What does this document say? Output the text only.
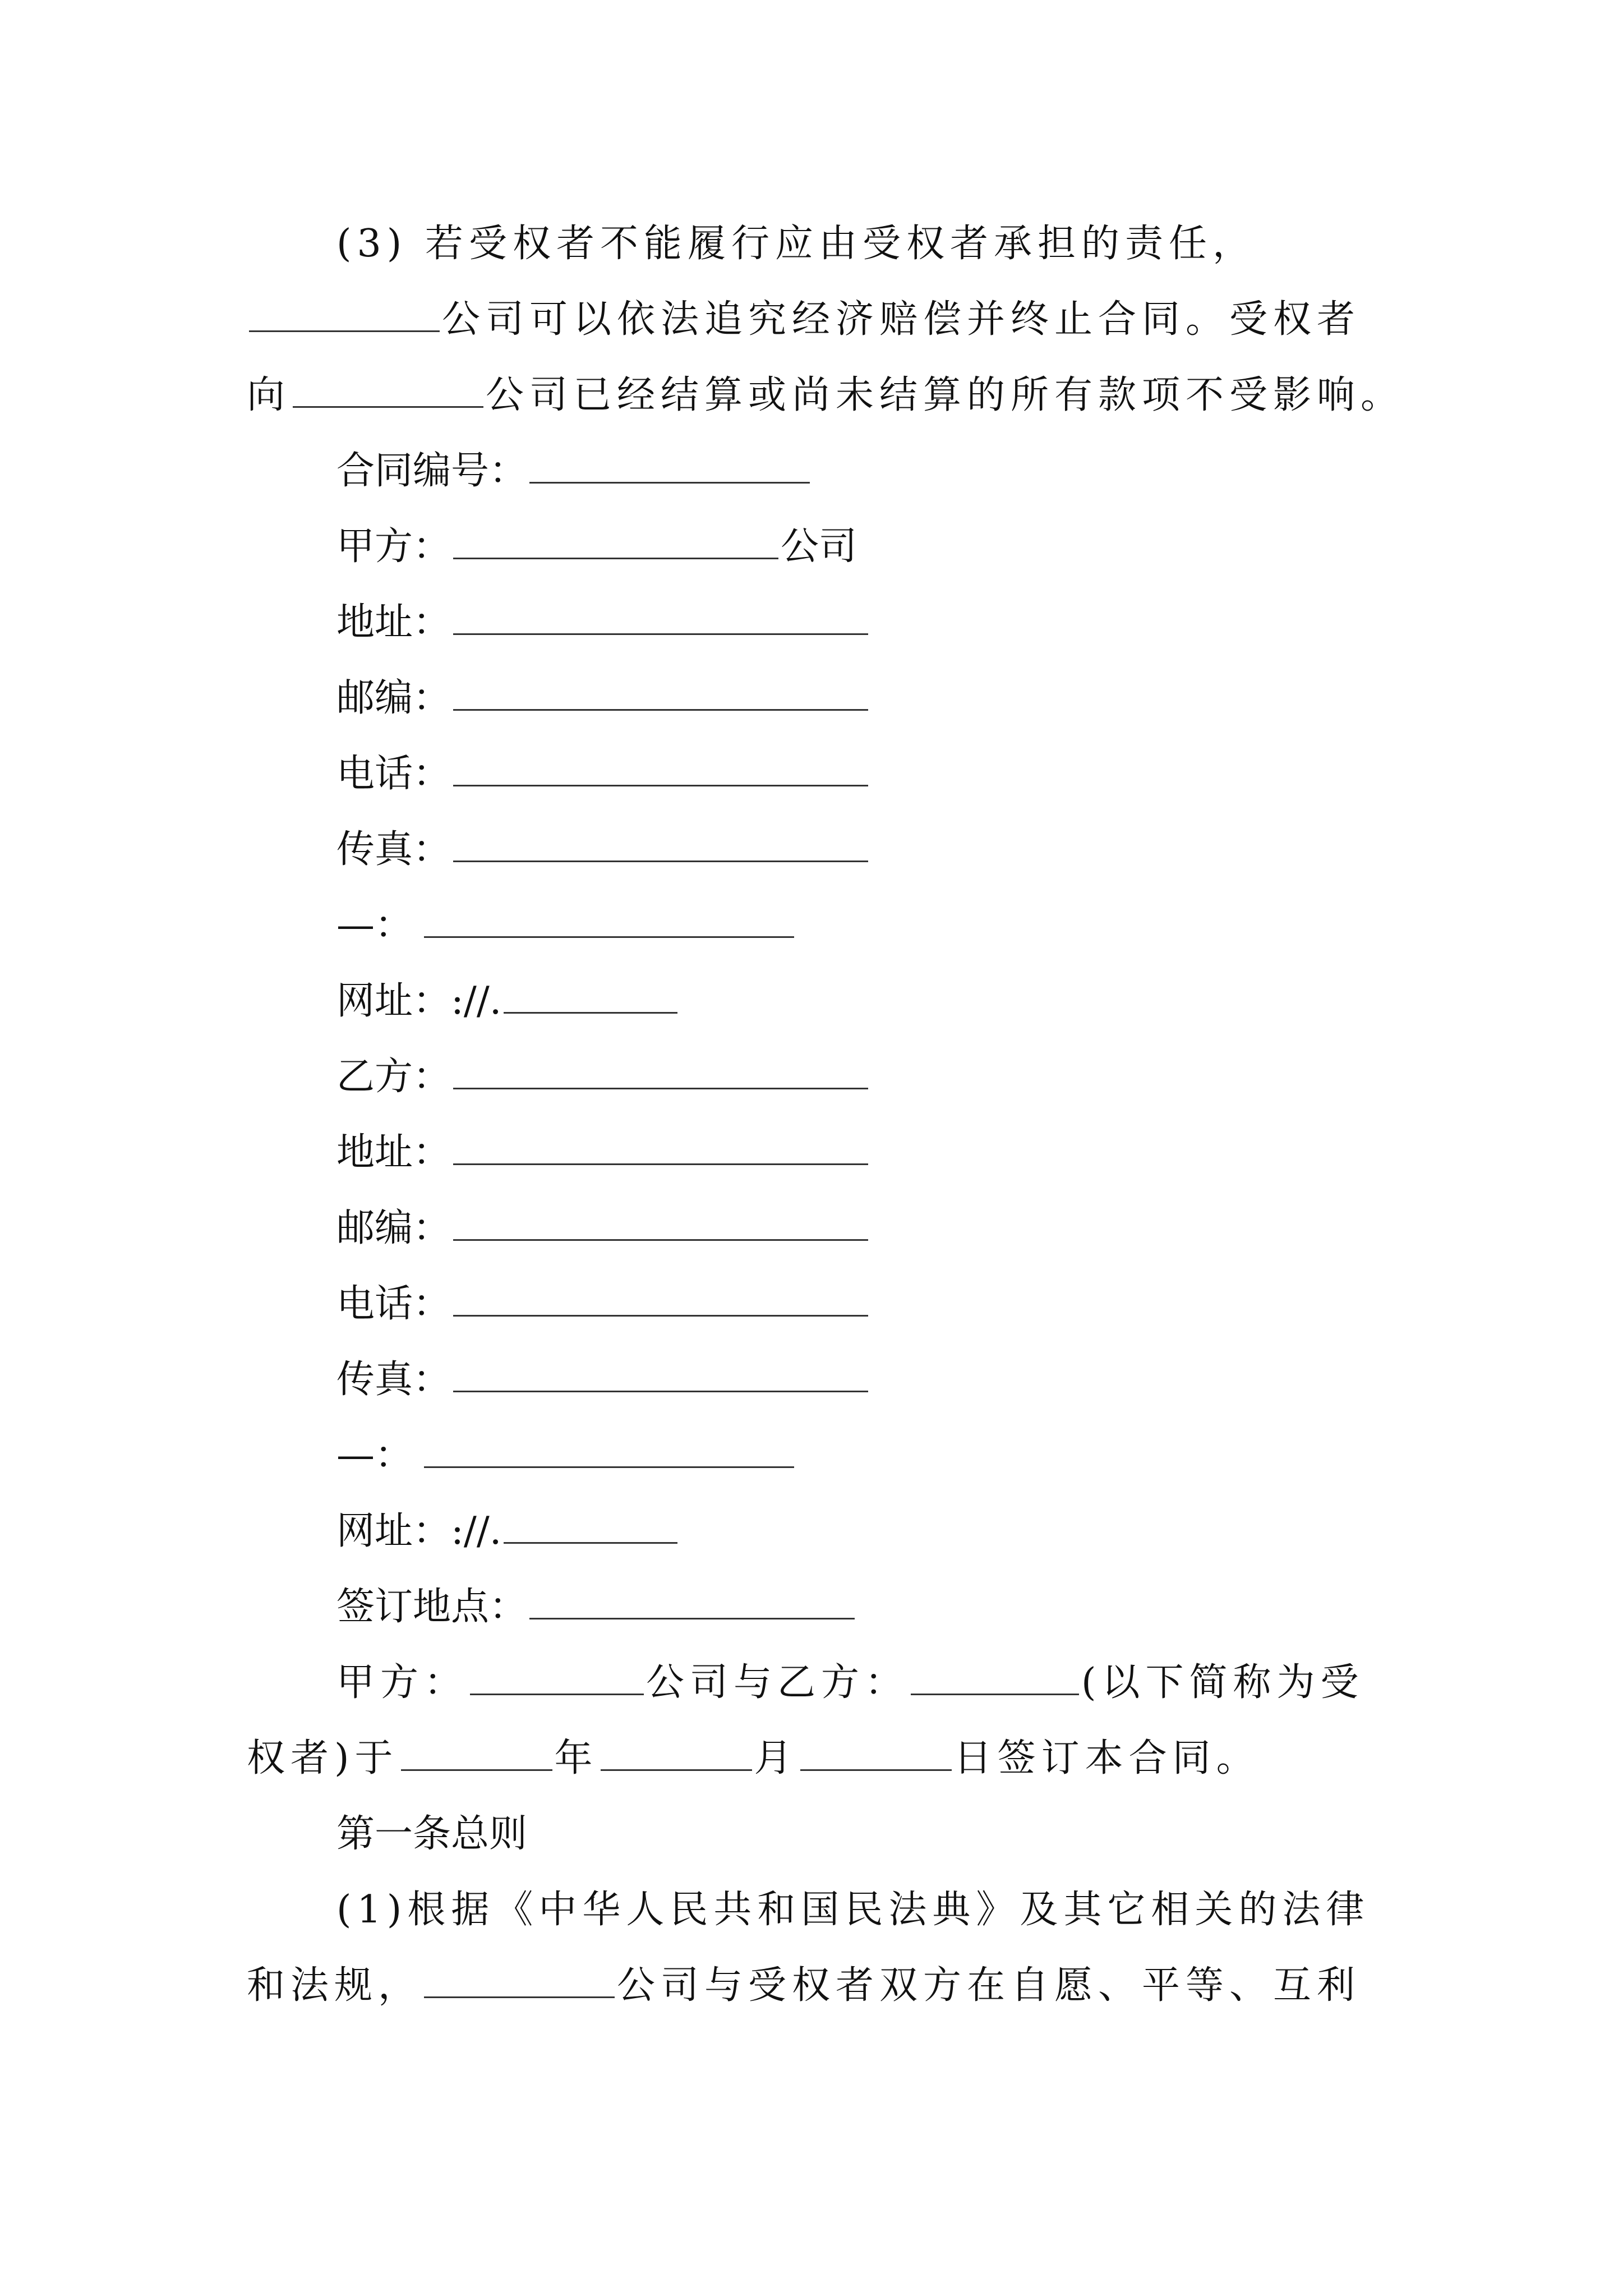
(3) 若受权者不能履行应由受权者承担的责任，
公司可以依法追究经济赔偿并终止合同。受权者
向	公司已经结算或尚未结算的所有款项不受影响。
合同编号：
甲方：	公司
地址：
邮编：
电话：
传真：
—：
网址：://.
乙方：
地址：
邮编：
电话：
传真：
—：
网址：://.
签订地点：
甲方：	公司与乙方：	(以下简称为受
权者)于	年	月	日签订本合同。
第一条总则
(1)根据《中华人民共和国民法典》及其它相关的法律
和法规，	公司与受权者双方在自愿、平等、互利
